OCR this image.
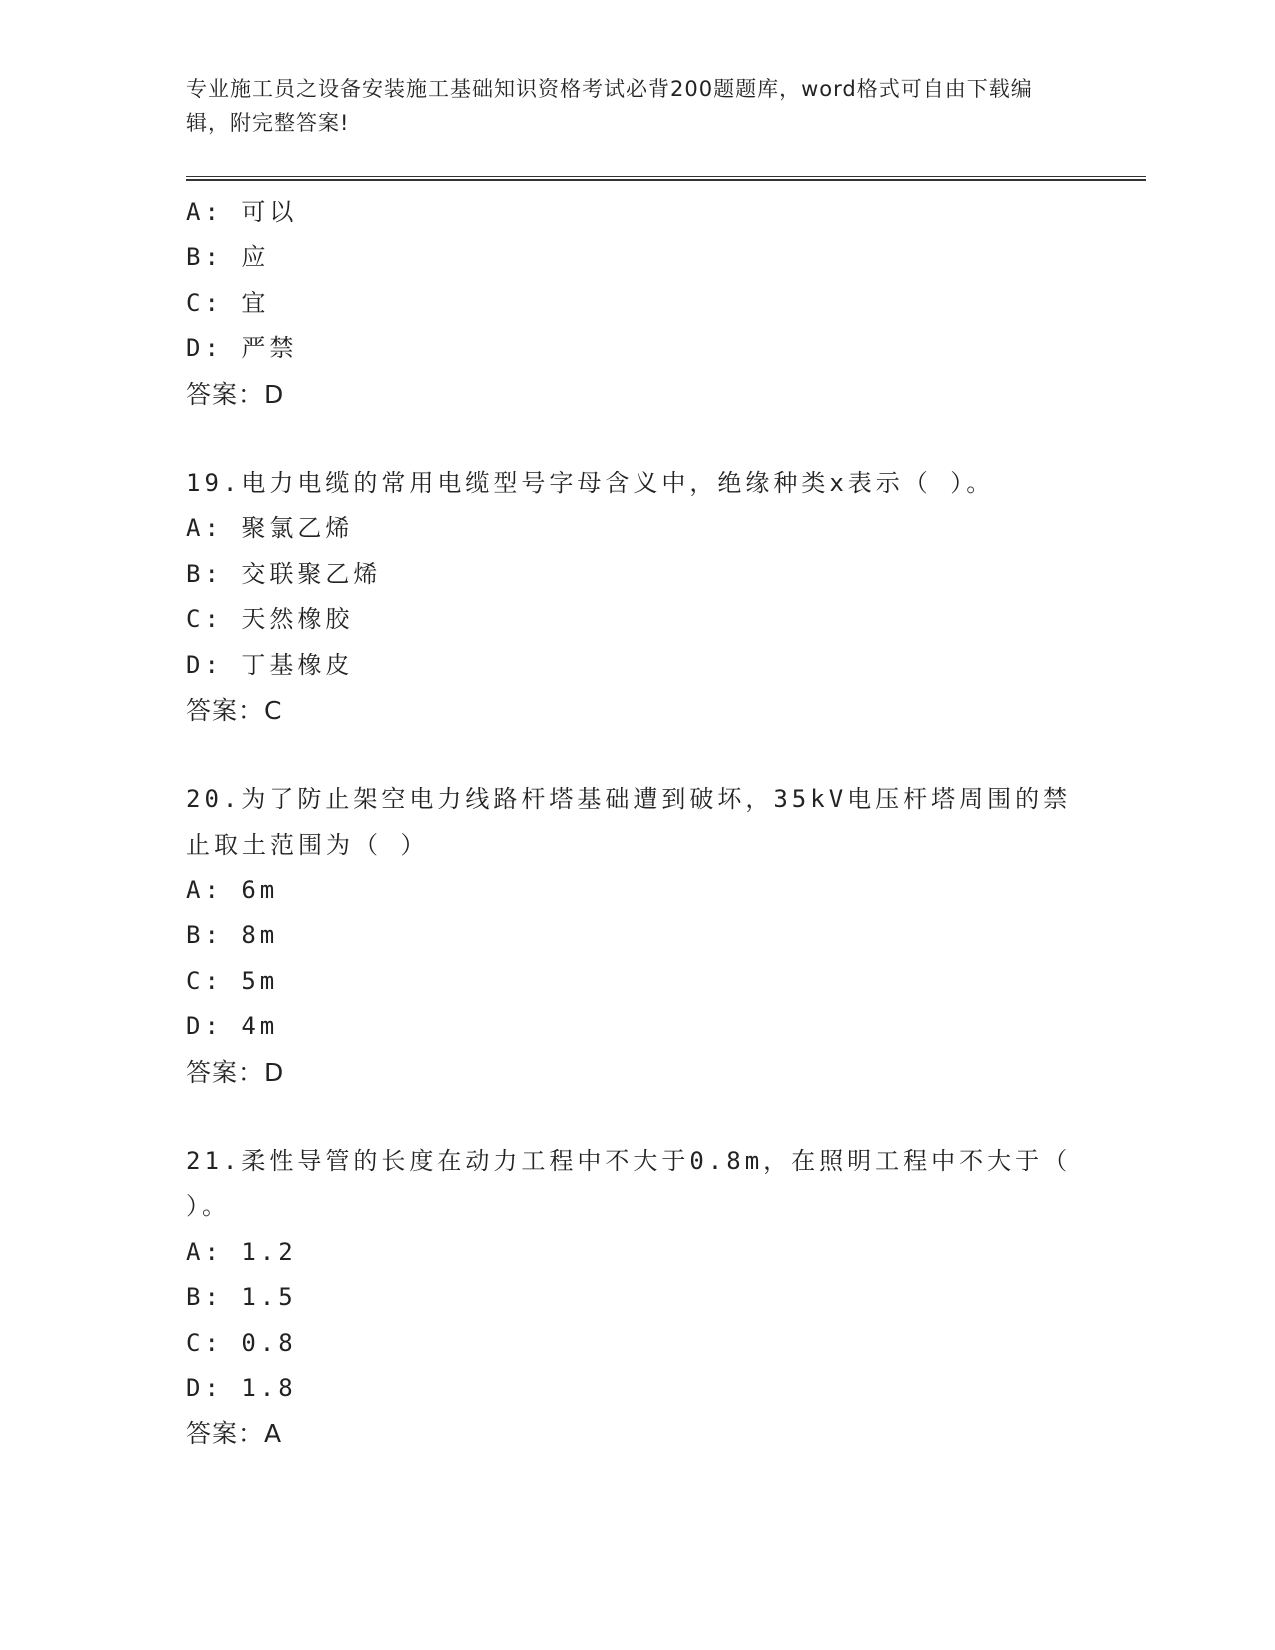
专业施工员之设备安装施工基础知识资格考试必背200题题库，word格式可自由下载编辑，附完整答案!
A: 可以
B: 应
C: 宜
D: 严禁
答案：D
19.电力电缆的常用电缆型号字母含义中，绝缘种类x表示（ ）。
A: 聚氯乙烯
B: 交联聚乙烯
C: 天然橡胶
D: 丁基橡皮
答案：C
20.为了防止架空电力线路杆塔基础遭到破坏，35kV电压杆塔周围的禁
止取土范围为（ ）
A: 6m
B: 8m
C: 5m
D: 4m
答案：D
21.柔性导管的长度在动力工程中不大于0.8m，在照明工程中不大于（
）。
A: 1.2
B: 1.5
C: 0.8
D: 1.8
答案：A
